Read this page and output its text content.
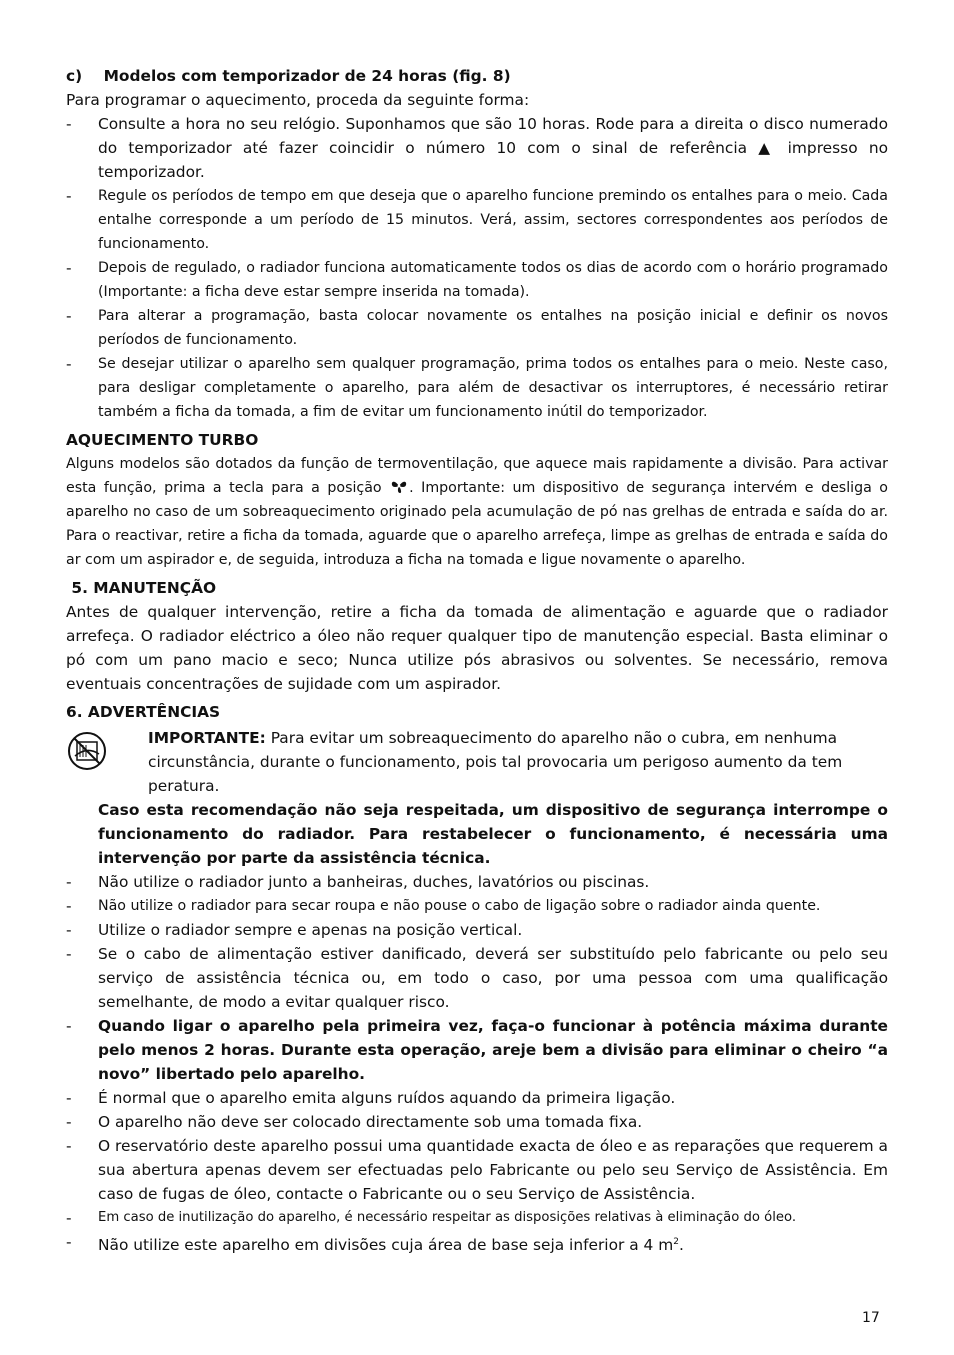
c) Modelos com temporizador de 24 horas (fig. 8)

Para programar o aquecimento, proceda da seguinte forma:

-	Consulte a hora no seu relógio. Suponhamos que são 10 horas. Rode para a direita o disco numerado do temporizador até fazer coincidir o número 10 com o sinal de referência ▲ impresso no temporizador.
-	Regule os períodos de tempo em que deseja que o aparelho funcione premindo os entalhes para o meio. Cada entalhe corresponde a um período de 15 minutos. Verá, assim, sectores correspondentes aos períodos de funcionamento.
-	Depois de regulado, o radiador funciona automaticamente todos os dias de acordo com o horário programado (Importante: a ficha deve estar sempre inserida na tomada).
-	Para alterar a programação, basta colocar novamente os entalhes na posição inicial e definir os novos períodos de funcionamento.
-	Se desejar utilizar o aparelho sem qualquer programação, prima todos os entalhes para o meio. Neste caso, para desligar completamente o aparelho, para além de desactivar os interruptores, é necessário retirar também a ficha da tomada, a fim de evitar um funcionamento inútil do temporizador.

AQUECIMENTO TURBO

Alguns modelos são dotados da função de termoventilação, que aquece mais rapidamente a divisão. Para activar esta função, prima a tecla para a posição . Importante: um dispositivo de segurança intervém e desliga o aparelho no caso de um sobreaquecimento originado pela acumulação de pó nas grelhas de entrada e saída do ar. Para o reactivar, retire a ficha da tomada, aguarde que o aparelho arrefeça, limpe as grelhas de entrada e saída do ar com um aspirador e, de seguida, introduza a ficha na tomada e ligue novamente o aparelho.

5. MANUTENÇÃO

Antes de qualquer intervenção, retire a ficha da tomada de alimentação e aguarde que o radiador arrefeça. O radiador eléctrico a óleo não requer qualquer tipo de manutenção especial. Basta eliminar o pó com um pano macio e seco; Nunca utilize pós abrasivos ou solventes. Se necessário, remova eventuais concentrações de sujidade com um aspirador.

6. ADVERTÊNCIAS

IMPORTANTE: Para evitar um sobreaquecimento do aparelho não o cubra, em nenhuma circunstância, durante o funcionamento, pois tal provocaria um perigoso aumento da tem peratura.

Caso esta recomendação não seja respeitada, um dispositivo de segurança interrompe o funcionamento do radiador. Para restabelecer o funcionamento, é necessária uma intervenção por parte da assistência técnica.

-	Não utilize o radiador junto a banheiras, duches, lavatórios ou piscinas.
-	Não utilize o radiador para secar roupa e não pouse o cabo de ligação sobre o radiador ainda quente.
-	Utilize o radiador sempre e apenas na posição vertical.
-	Se o cabo de alimentação estiver danificado, deverá ser substituído pelo fabricante ou pelo seu serviço de assistência técnica ou, em todo o caso, por uma pessoa com uma qualificação semelhante, de modo a evitar qualquer risco.
-	Quando ligar o aparelho pela primeira vez, faça-o funcionar à potência máxima durante pelo menos 2 horas. Durante esta operação, areje bem a divisão para eliminar o cheiro “a novo” libertado pelo aparelho.
-	É normal que o aparelho emita alguns ruídos aquando da primeira ligação.
-	O aparelho não deve ser colocado directamente sob uma tomada fixa.
-	O reservatório deste aparelho possui uma quantidade exacta de óleo e as reparações que requerem a sua abertura apenas devem ser efectuadas pelo Fabricante ou pelo seu Serviço de Assistência. Em caso de fugas de óleo, contacte o Fabricante ou o seu Serviço de Assistência.
-	Em caso de inutilização do aparelho, é necessário respeitar as disposições relativas à eliminação do óleo.
-	Não utilize este aparelho em divisões cuja área de base seja inferior a 4 $m^2$.
17
